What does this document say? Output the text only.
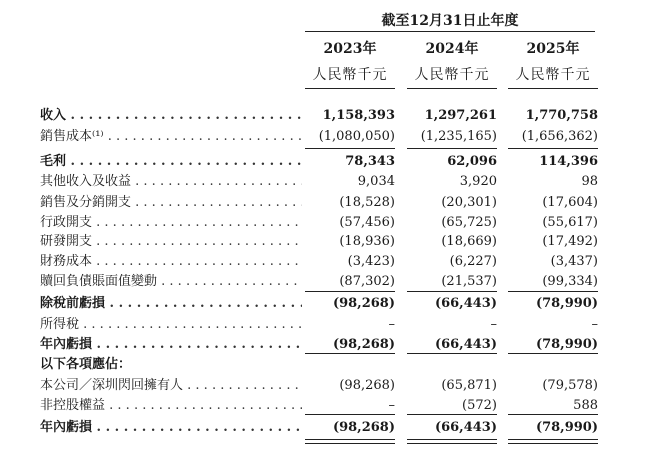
截至12月31日止年度
2023年	2024年	2025年
人民幣千元	人民幣千元	人民幣千元
收入 . . .	1,158,393	1,297,261	1,770,758
銷售成本⁽¹⁾ . . .	(1,080,050)	(1,235,165)	(1,656,362)
毛利 . . .	78,343	62,096	114,396
其他收入及收益 . . .	9,034	3,920	98
銷售及分銷開支 . . .	(18,528)	(20,301)	(17,604)
行政開支 . . .	(57,456)	(65,725)	(55,617)
研發開支 . . .	(18,936)	(18,669)	(17,492)
財務成本 . . .	(3,423)	(6,227)	(3,437)
贖回負債賬面值變動 . . .	(87,302)	(21,537)	(99,334)
除稅前虧損 . . .	(98,268)	(66,443)	(78,990)
所得稅 . . .	–	–	–
年內虧損 . . .	(98,268)	(66,443)	(78,990)
以下各項應佔：
本公司／深圳閃回擁有人 . . .	(98,268)	(65,871)	(79,578)
非控股權益 . . .	–	(572)	588
年內虧損 . . .	(98,268)	(66,443)	(78,990)
